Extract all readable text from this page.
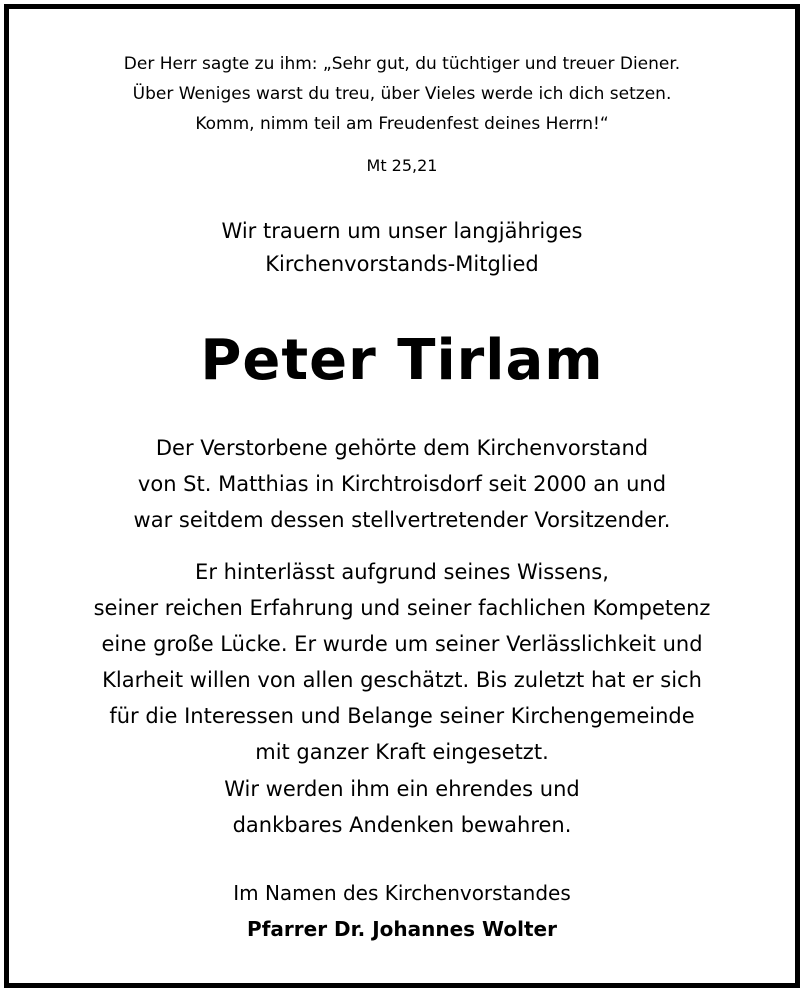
Der Herr sagte zu ihm: „Sehr gut, du tüchtiger und treuer Diener.
Über Weniges warst du treu, über Vieles werde ich dich setzen.
Komm, nimm teil am Freudenfest deines Herrn!“
Mt 25,21
Wir trauern um unser langjähriges
Kirchenvorstands-Mitglied
Peter Tirlam
Der Verstorbene gehörte dem Kirchenvorstand
von St. Matthias in Kirchtroisdorf seit 2000 an und
war seitdem dessen stellvertretender Vorsitzender.
Er hinterlässt aufgrund seines Wissens,
seiner reichen Erfahrung und seiner fachlichen Kompetenz
eine große Lücke. Er wurde um seiner Verlässlichkeit und
Klarheit willen von allen geschätzt. Bis zuletzt hat er sich
für die Interessen und Belange seiner Kirchengemeinde
mit ganzer Kraft eingesetzt.
Wir werden ihm ein ehrendes und
dankbares Andenken bewahren.
Im Namen des Kirchenvorstandes
Pfarrer Dr. Johannes Wolter
